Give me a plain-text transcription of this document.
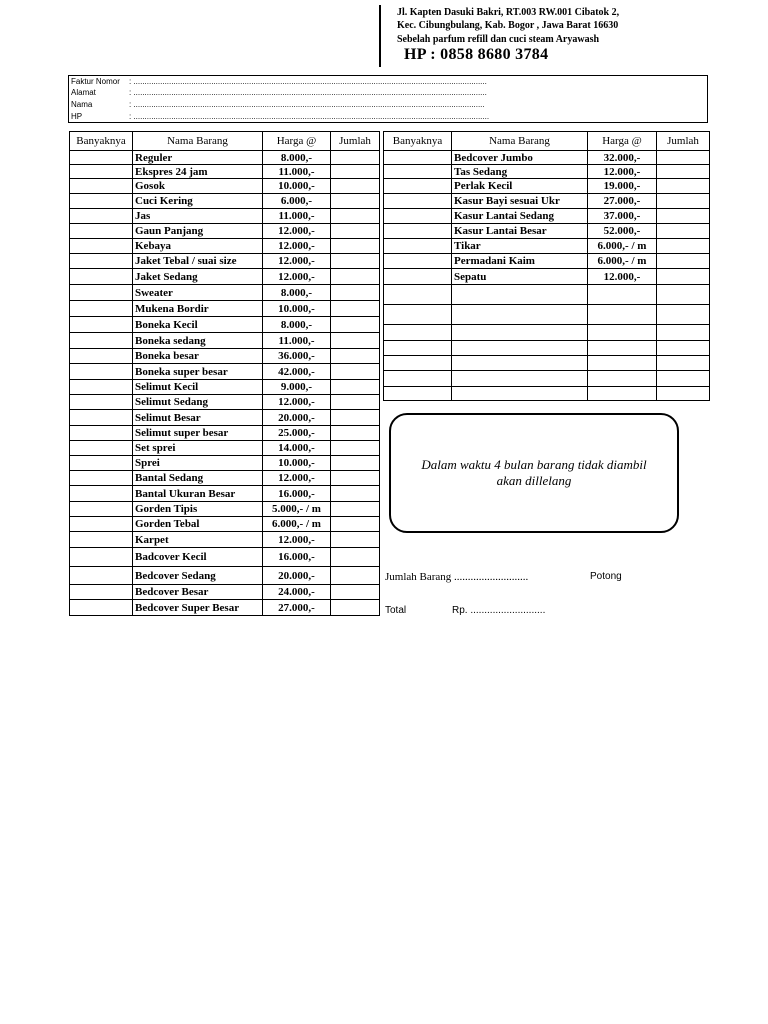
Jl. Kapten Dasuki Bakri, RT.003 RW.001 Cibatok 2,
Kec. Cibungbulang, Kab. Bogor , Jawa Barat 16630
Sebelah parfum refill dan cuci steam Aryawash
HP : 0858 8680 3784
Faktur Nomor : ...............................................................................................................................................................
Alamat	: ...............................................................................................................................................................
Nama	: ..............................................................................................................................................................
HP	: ................................................................................................................................................................
Banyaknya	Nama Barang	Harga @	Jumlah
	Reguler	8.000,-	
	Ekspres 24 jam	11.000,-	
	Gosok	10.000,-	
	Cuci Kering	6.000,-	
	Jas	11.000,-	
	Gaun Panjang	12.000,-	
	Kebaya	12.000,-	
	Jaket Tebal / suai size	12.000,-	
	Jaket Sedang	12.000,-	
	Sweater	8.000,-	
	Mukena Bordir	10.000,-	
	Boneka Kecil	8.000,-	
	Boneka sedang	11.000,-	
	Boneka besar	36.000,-	
	Boneka super besar	42.000,-	
	Selimut Kecil	9.000,-	
	Selimut Sedang	12.000,-	
	Selimut Besar	20.000,-	
	Selimut super besar	25.000,-	
	Set sprei	14.000,-	
	Sprei	10.000,-	
	Bantal Sedang	12.000,-	
	Bantal Ukuran Besar	16.000,-	
	Gorden Tipis	5.000,- / m	
	Gorden Tebal	6.000,- / m	
	Karpet	12.000,-	
	Badcover Kecil	16.000,-	
	Bedcover Sedang	20.000,-	
	Bedcover Besar	24.000,-	
	Bedcover Super Besar	27.000,-	
Banyaknya	Nama Barang	Harga @	Jumlah
	Bedcover Jumbo	32.000,-	
	Tas Sedang	12.000,-	
	Perlak Kecil	19.000,-	
	Kasur Bayi sesuai Ukr	27.000,-	
	Kasur Lantai Sedang	37.000,-	
	Kasur Lantai Besar	52.000,-	
	Tikar	6.000,- / m	
	Permadani Kaim	6.000,- / m	
	Sepatu	12.000,-	

Dalam waktu 4 bulan barang tidak diambil akan dillelang
Jumlah Barang ...........................	Potong
Total	Rp. ...........................
